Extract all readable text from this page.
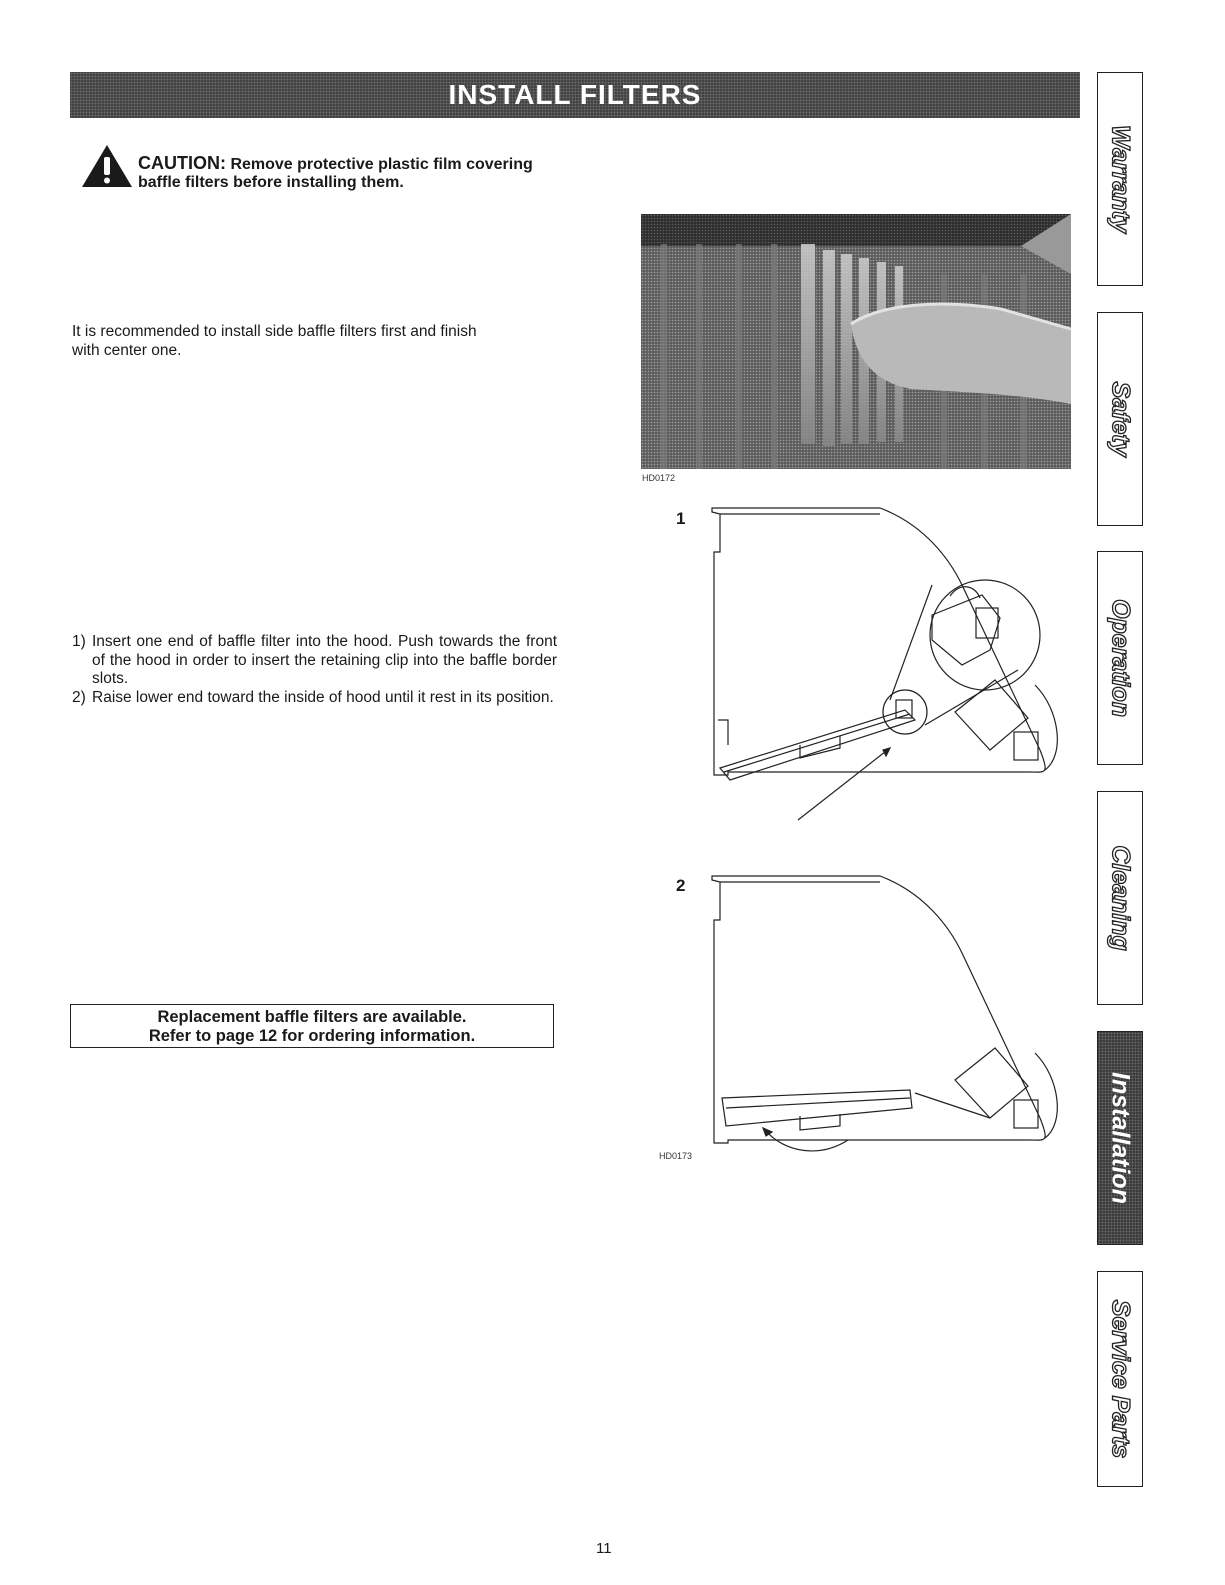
INSTALL FILTERS
CAUTION: Remove protective plastic film covering
baffle filters before installing them.
It is recommended to install side baffle filters first and finish
with center one.
1) Insert one end of baffle filter into the hood. Push towards the front of the hood in order to insert the retaining clip into the baffle border slots.
2) Raise lower end toward the inside of hood until it rest in its position.
Replacement baffle filters are available.
Refer to page 12 for ordering information.
HD0172
1
2
HD0173
Warranty
Safety
Operation
Cleaning
Installation
Service Parts
11
